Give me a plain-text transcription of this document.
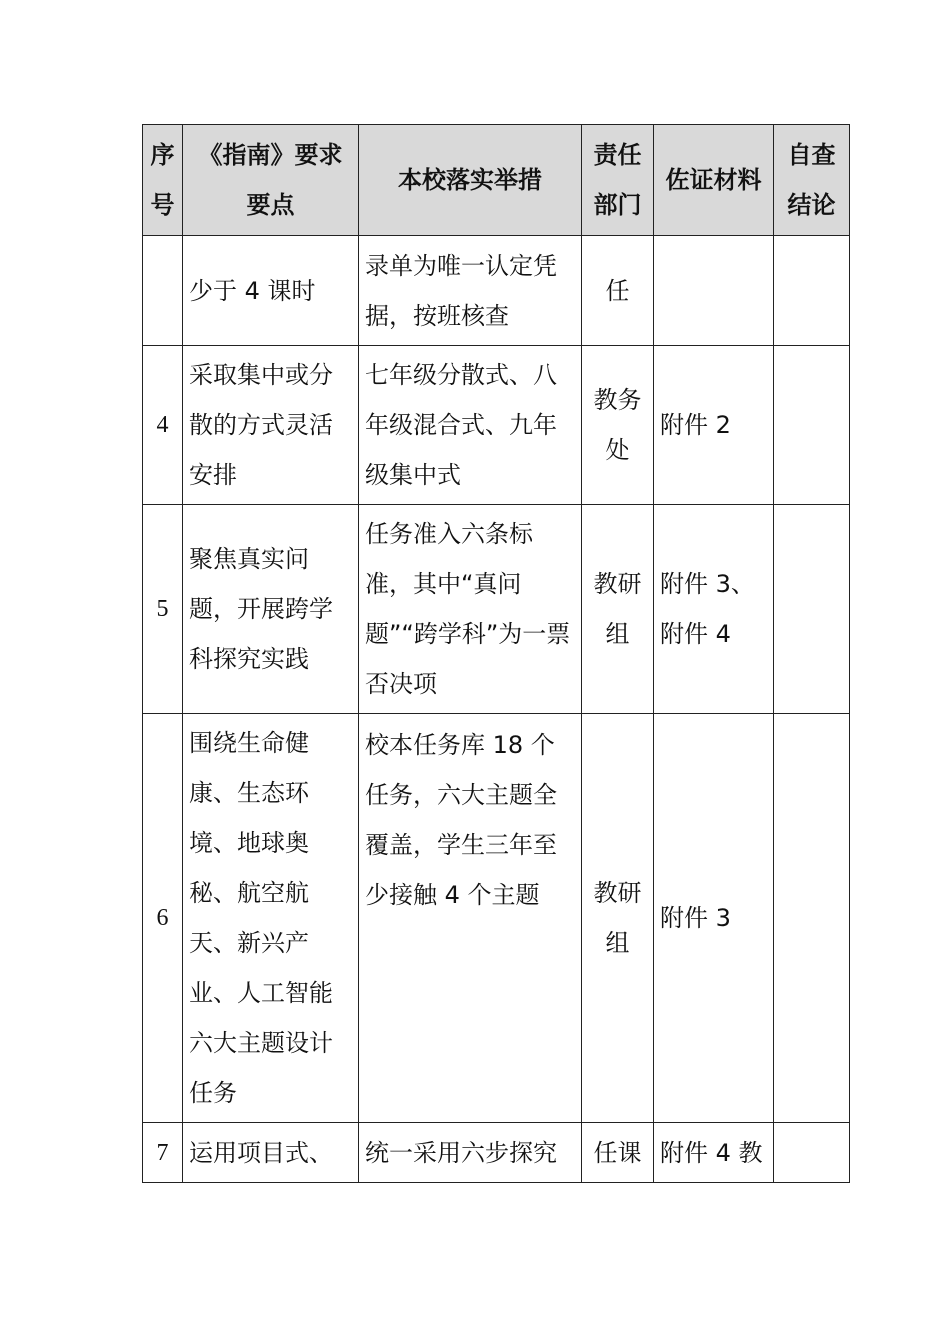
序号	《指南》要求要点	本校落实举措	责任部门	佐证材料	自查结论

	少于 4 课时	录单为唯一认定凭据，按班核查	任		
4	采取集中或分散的方式灵活安排	七年级分散式、八年级混合式、九年级集中式	教务处	附件 2	
5	聚焦真实问题，开展跨学科探究实践	任务准入六条标准，其中“真问题”“跨学科”为一票否决项	教研组	附件 3、附件 4	

6	围绕生命健康、生态环境、地球奥秘、航空航天、新兴产业、人工智能六大主题设计任务	校本任务库 18 个任务，六大主题全覆盖，学生三年至少接触 4 个主题	教研组	附件 3	
7	运用项目式、	统一采用六步探究	任课	附件 4 教	
